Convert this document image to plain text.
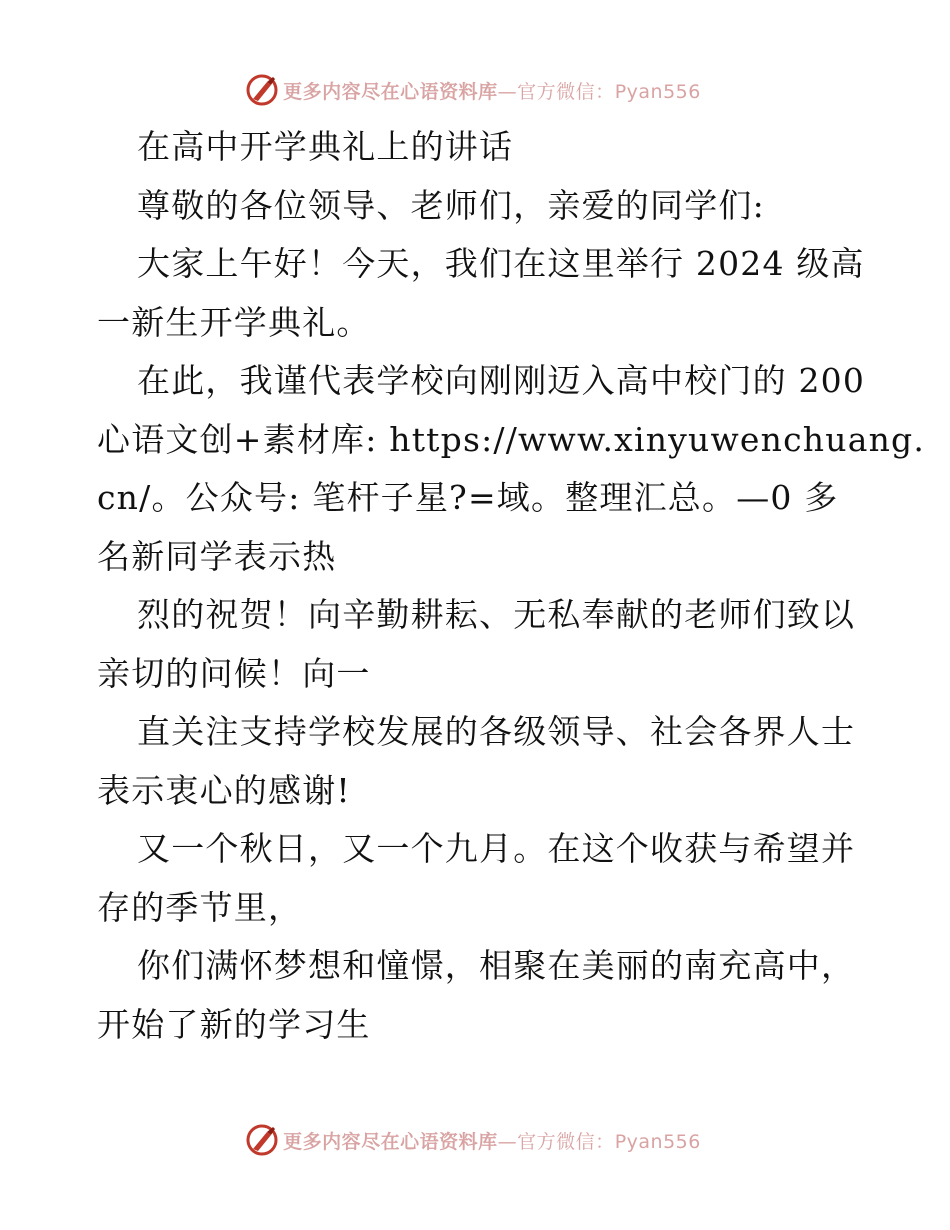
更多内容尽在心语资料库—官方微信：Pyan556
在高中开学典礼上的讲话
尊敬的各位领导、老师们，亲爱的同学们:
大家上午好！今天，我们在这里举行 2024 级高
一新生开学典礼。
在此，我谨代表学校向刚刚迈入高中校门的 200
心语文创+素材库: https://www.xinyuwenchuang.
cn/。公众号: 笔杆子星?=域。整理汇总。—0 多
名新同学表示热
烈的祝贺！向辛勤耕耘、无私奉献的老师们致以
亲切的问候！向一
直关注支持学校发展的各级领导、社会各界人士
表示衷心的感谢!
又一个秋日，又一个九月。在这个收获与希望并
存的季节里，
你们满怀梦想和憧憬，相聚在美丽的南充高中，
开始了新的学习生
更多内容尽在心语资料库—官方微信：Pyan556
